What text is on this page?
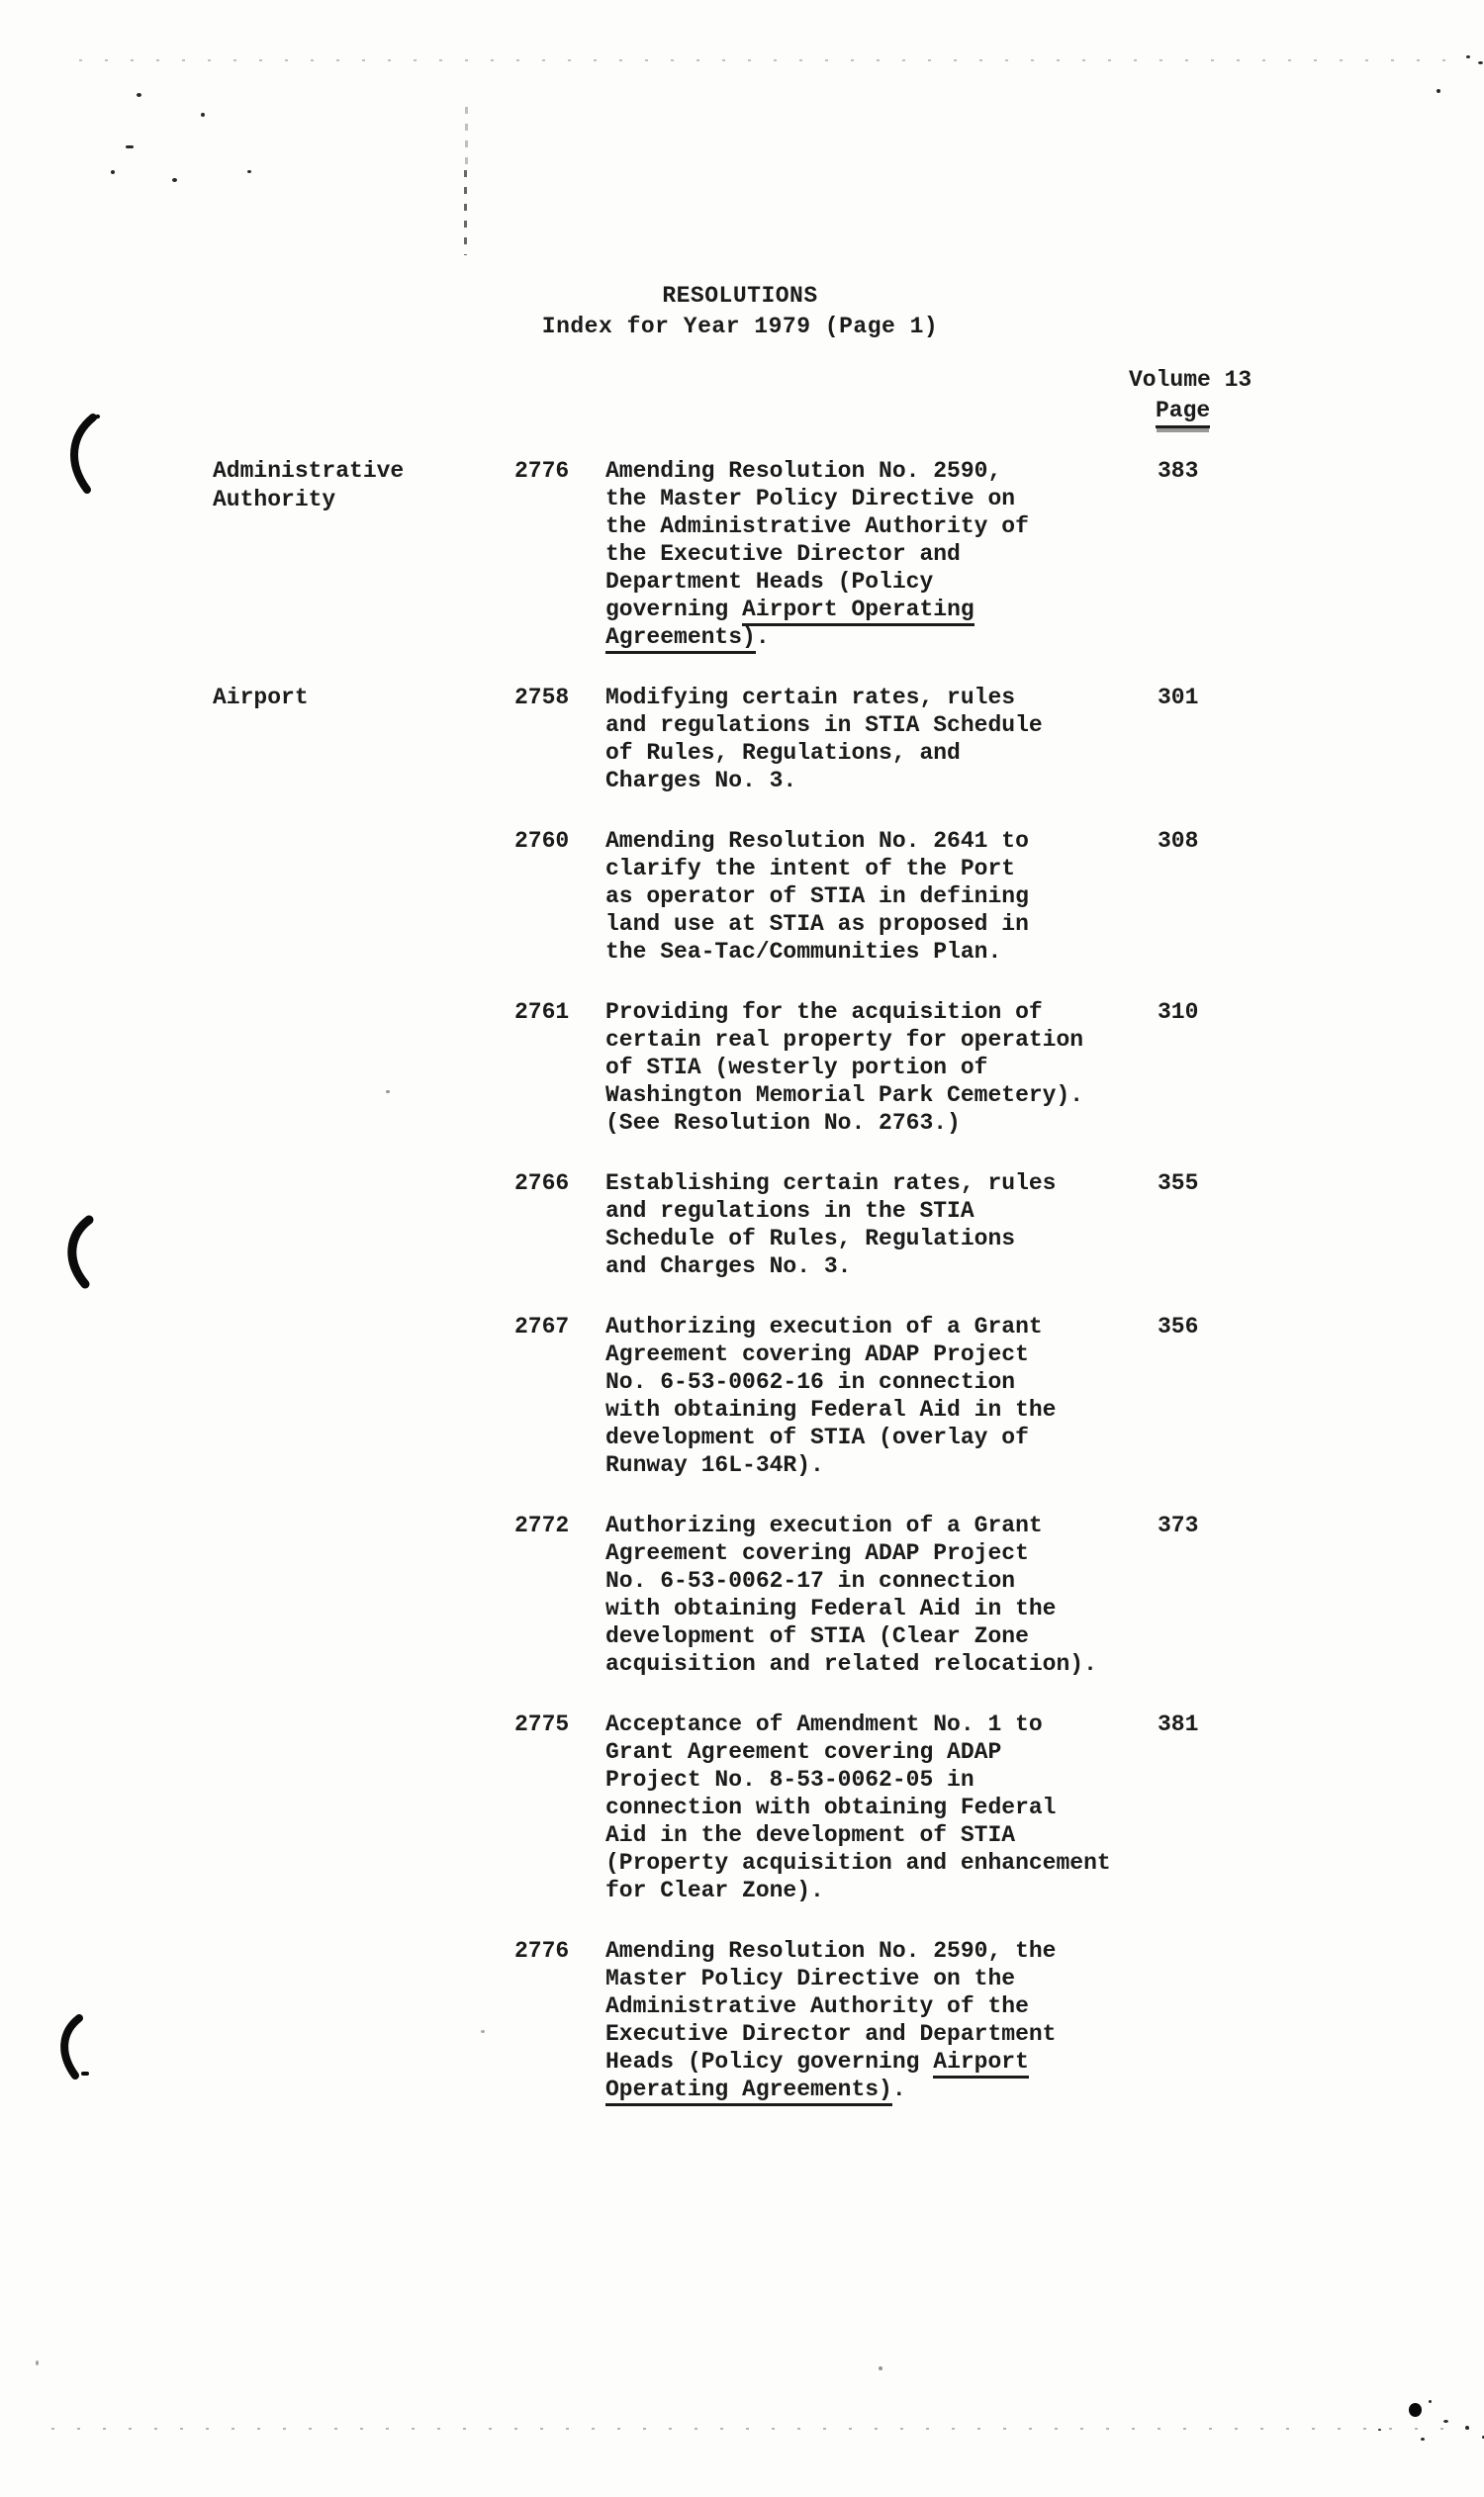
RESOLUTIONS
Index for Year 1979 (Page 1)
Volume 13
Page
Administrative
Authority
2776 Amending Resolution No. 2590,
the Master Policy Directive on
the Administrative Authority of
the Executive Director and
Department Heads (Policy
governing Airport Operating
Agreements).
383
Airport	2758 Modifying certain rates, rules
and regulations in STIA Schedule
of Rules, Regulations, and
Charges No. 3.
301
2760 Amending Resolution No. 2641 to
clarify the intent of the Port
as operator of STIA in defining
land use at STIA as proposed in
the Sea-Tac/Communities Plan.
308
2761 Providing for the acquisition of
certain real property for operation
of STIA (westerly portion of
Washington Memorial Park Cemetery).
(See Resolution No. 2763.)
310
2766 Establishing certain rates, rules
and regulations in the STIA
Schedule of Rules, Regulations
and Charges No. 3.
355
2767 Authorizing execution of a Grant
Agreement covering ADAP Project
No. 6-53-0062-16 in connection
with obtaining Federal Aid in the
development of STIA (overlay of
Runway 16L-34R).
356
2772 Authorizing execution of a Grant
Agreement covering ADAP Project
No. 6-53-0062-17 in connection
with obtaining Federal Aid in the
development of STIA (Clear Zone
acquisition and related relocation).
373
2775 Acceptance of Amendment No. 1 to
Grant Agreement covering ADAP
Project No. 8-53-0062-05 in
connection with obtaining Federal
Aid in the development of STIA
(Property acquisition and enhancement
for Clear Zone).
381
2776 Amending Resolution No. 2590, the
Master Policy Directive on the
Administrative Authority of the
Executive Director and Department
Heads (Policy governing Airport
Operating Agreements).
